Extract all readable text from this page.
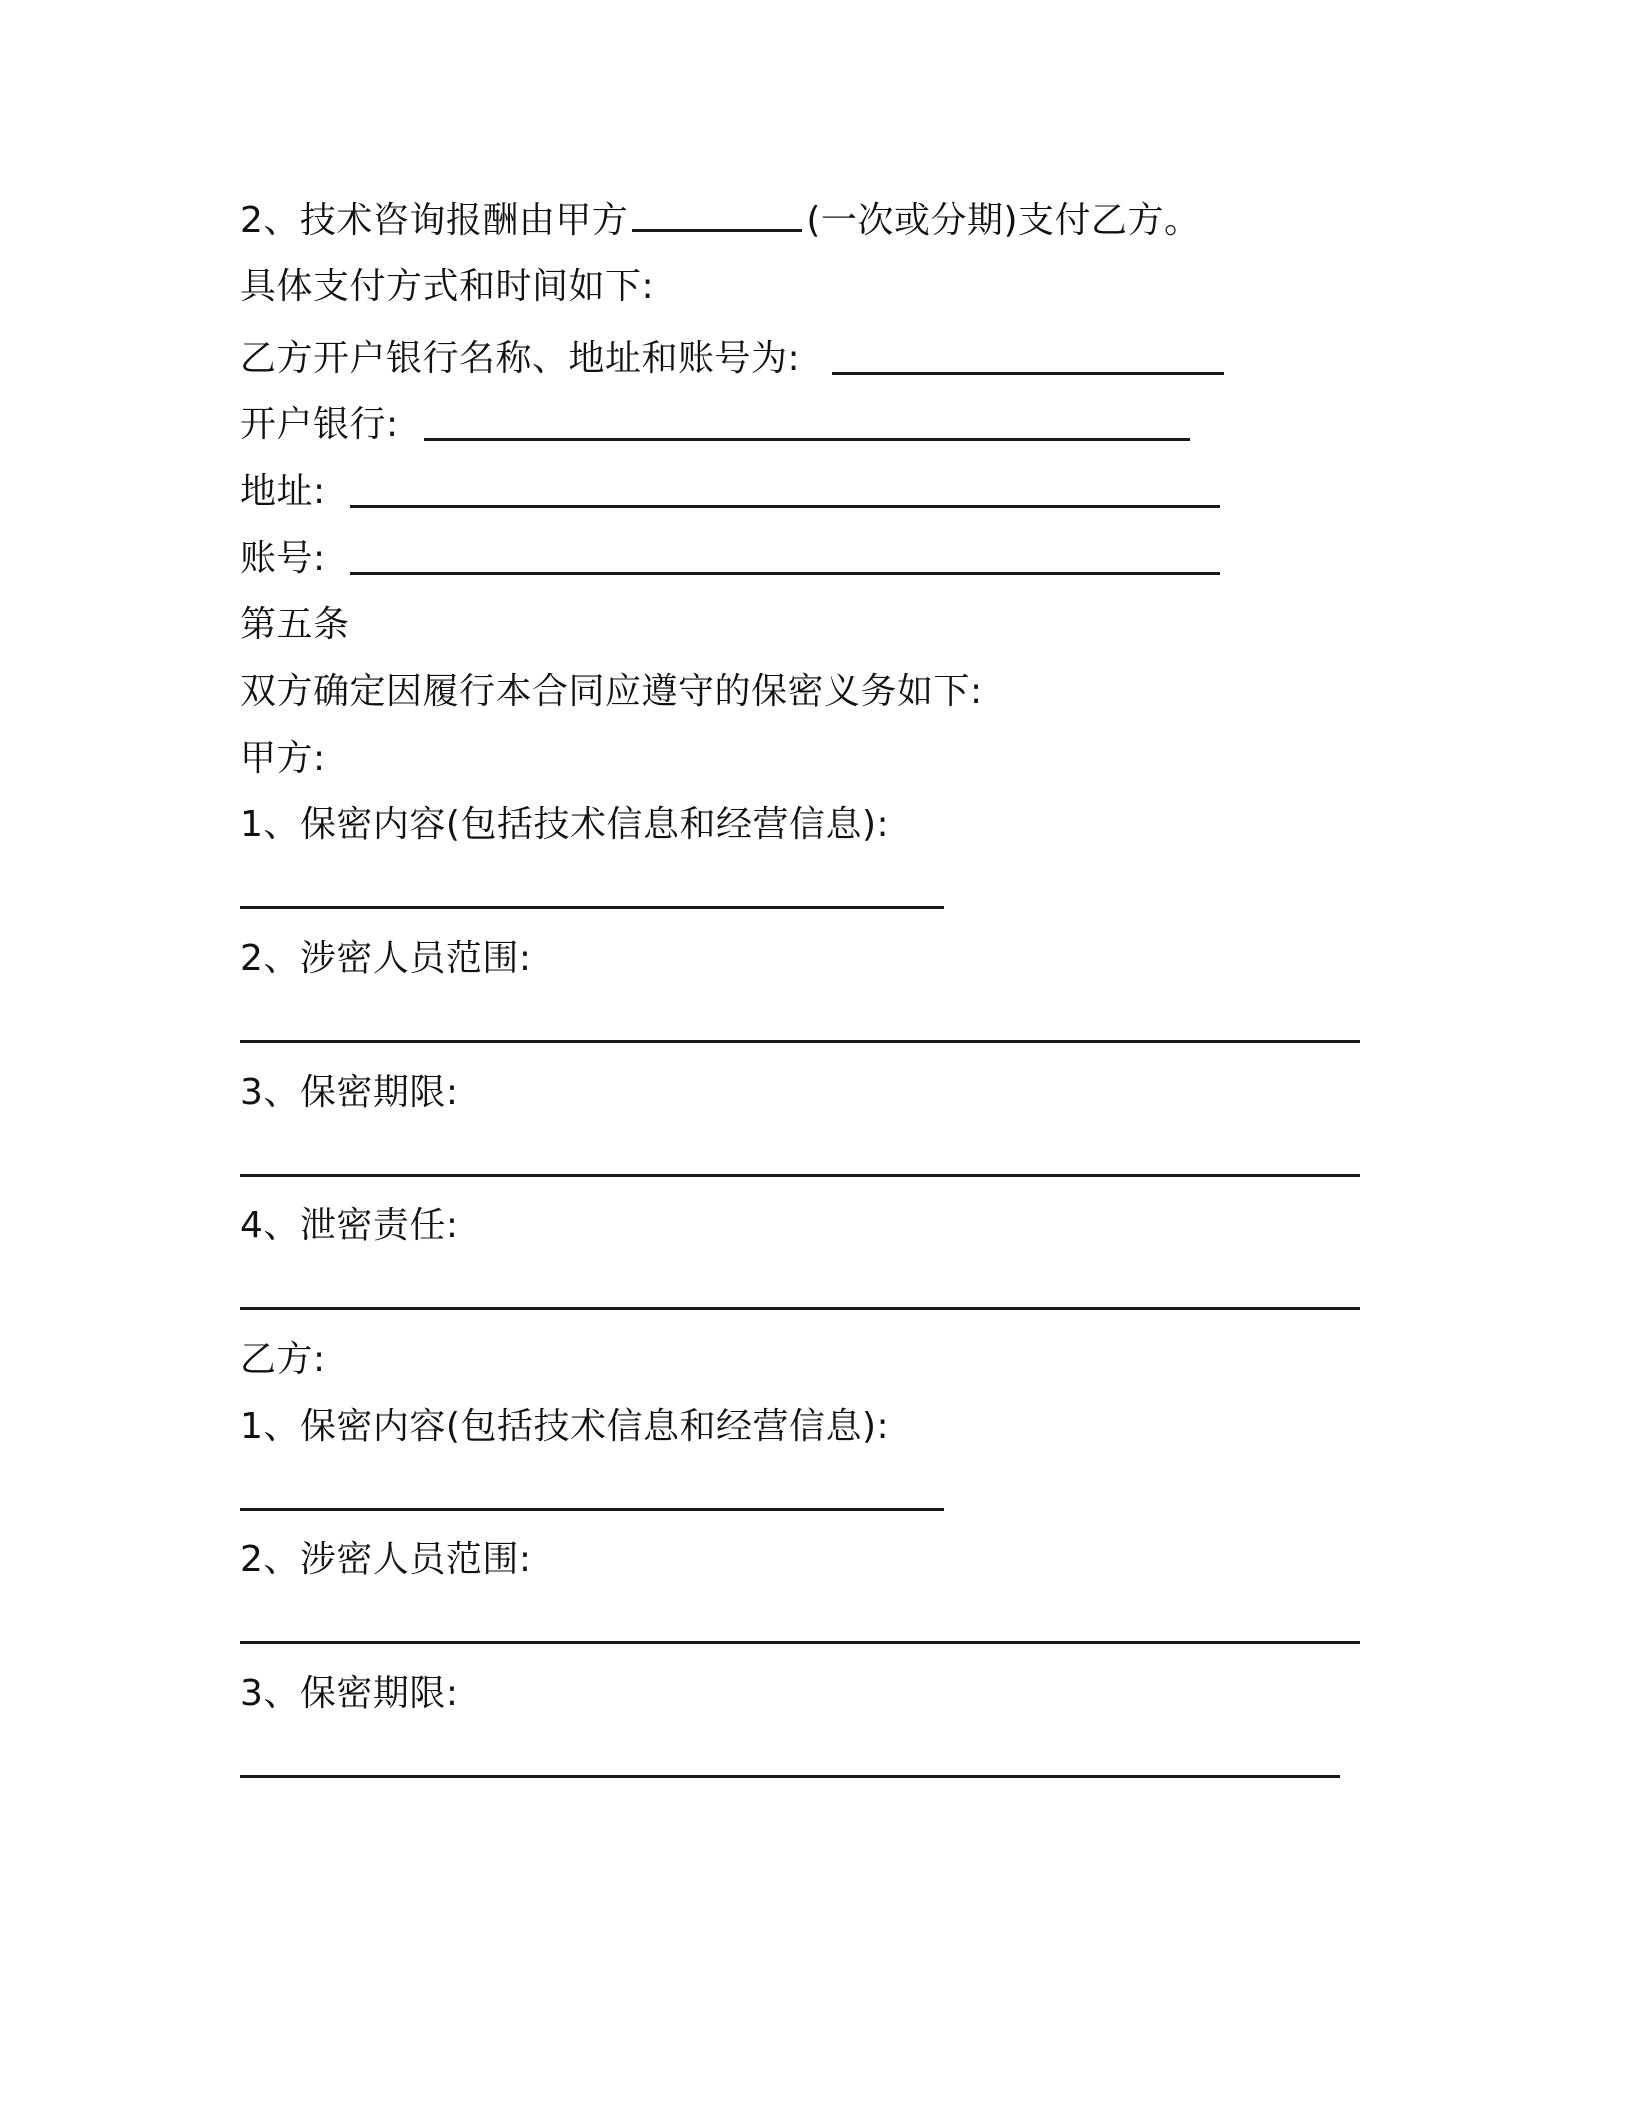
2、技术咨询报酬由甲方	(一次或分期)支付乙方。
具体支付方式和时间如下:
乙方开户银行名称、地址和账号为:
开户银行:
地址:
账号:
第五条
双方确定因履行本合同应遵守的保密义务如下:
甲方:
1、保密内容(包括技术信息和经营信息):
2、涉密人员范围:
3、保密期限:
4、泄密责任:
乙方:
1、保密内容(包括技术信息和经营信息):
2、涉密人员范围:
3、保密期限:
